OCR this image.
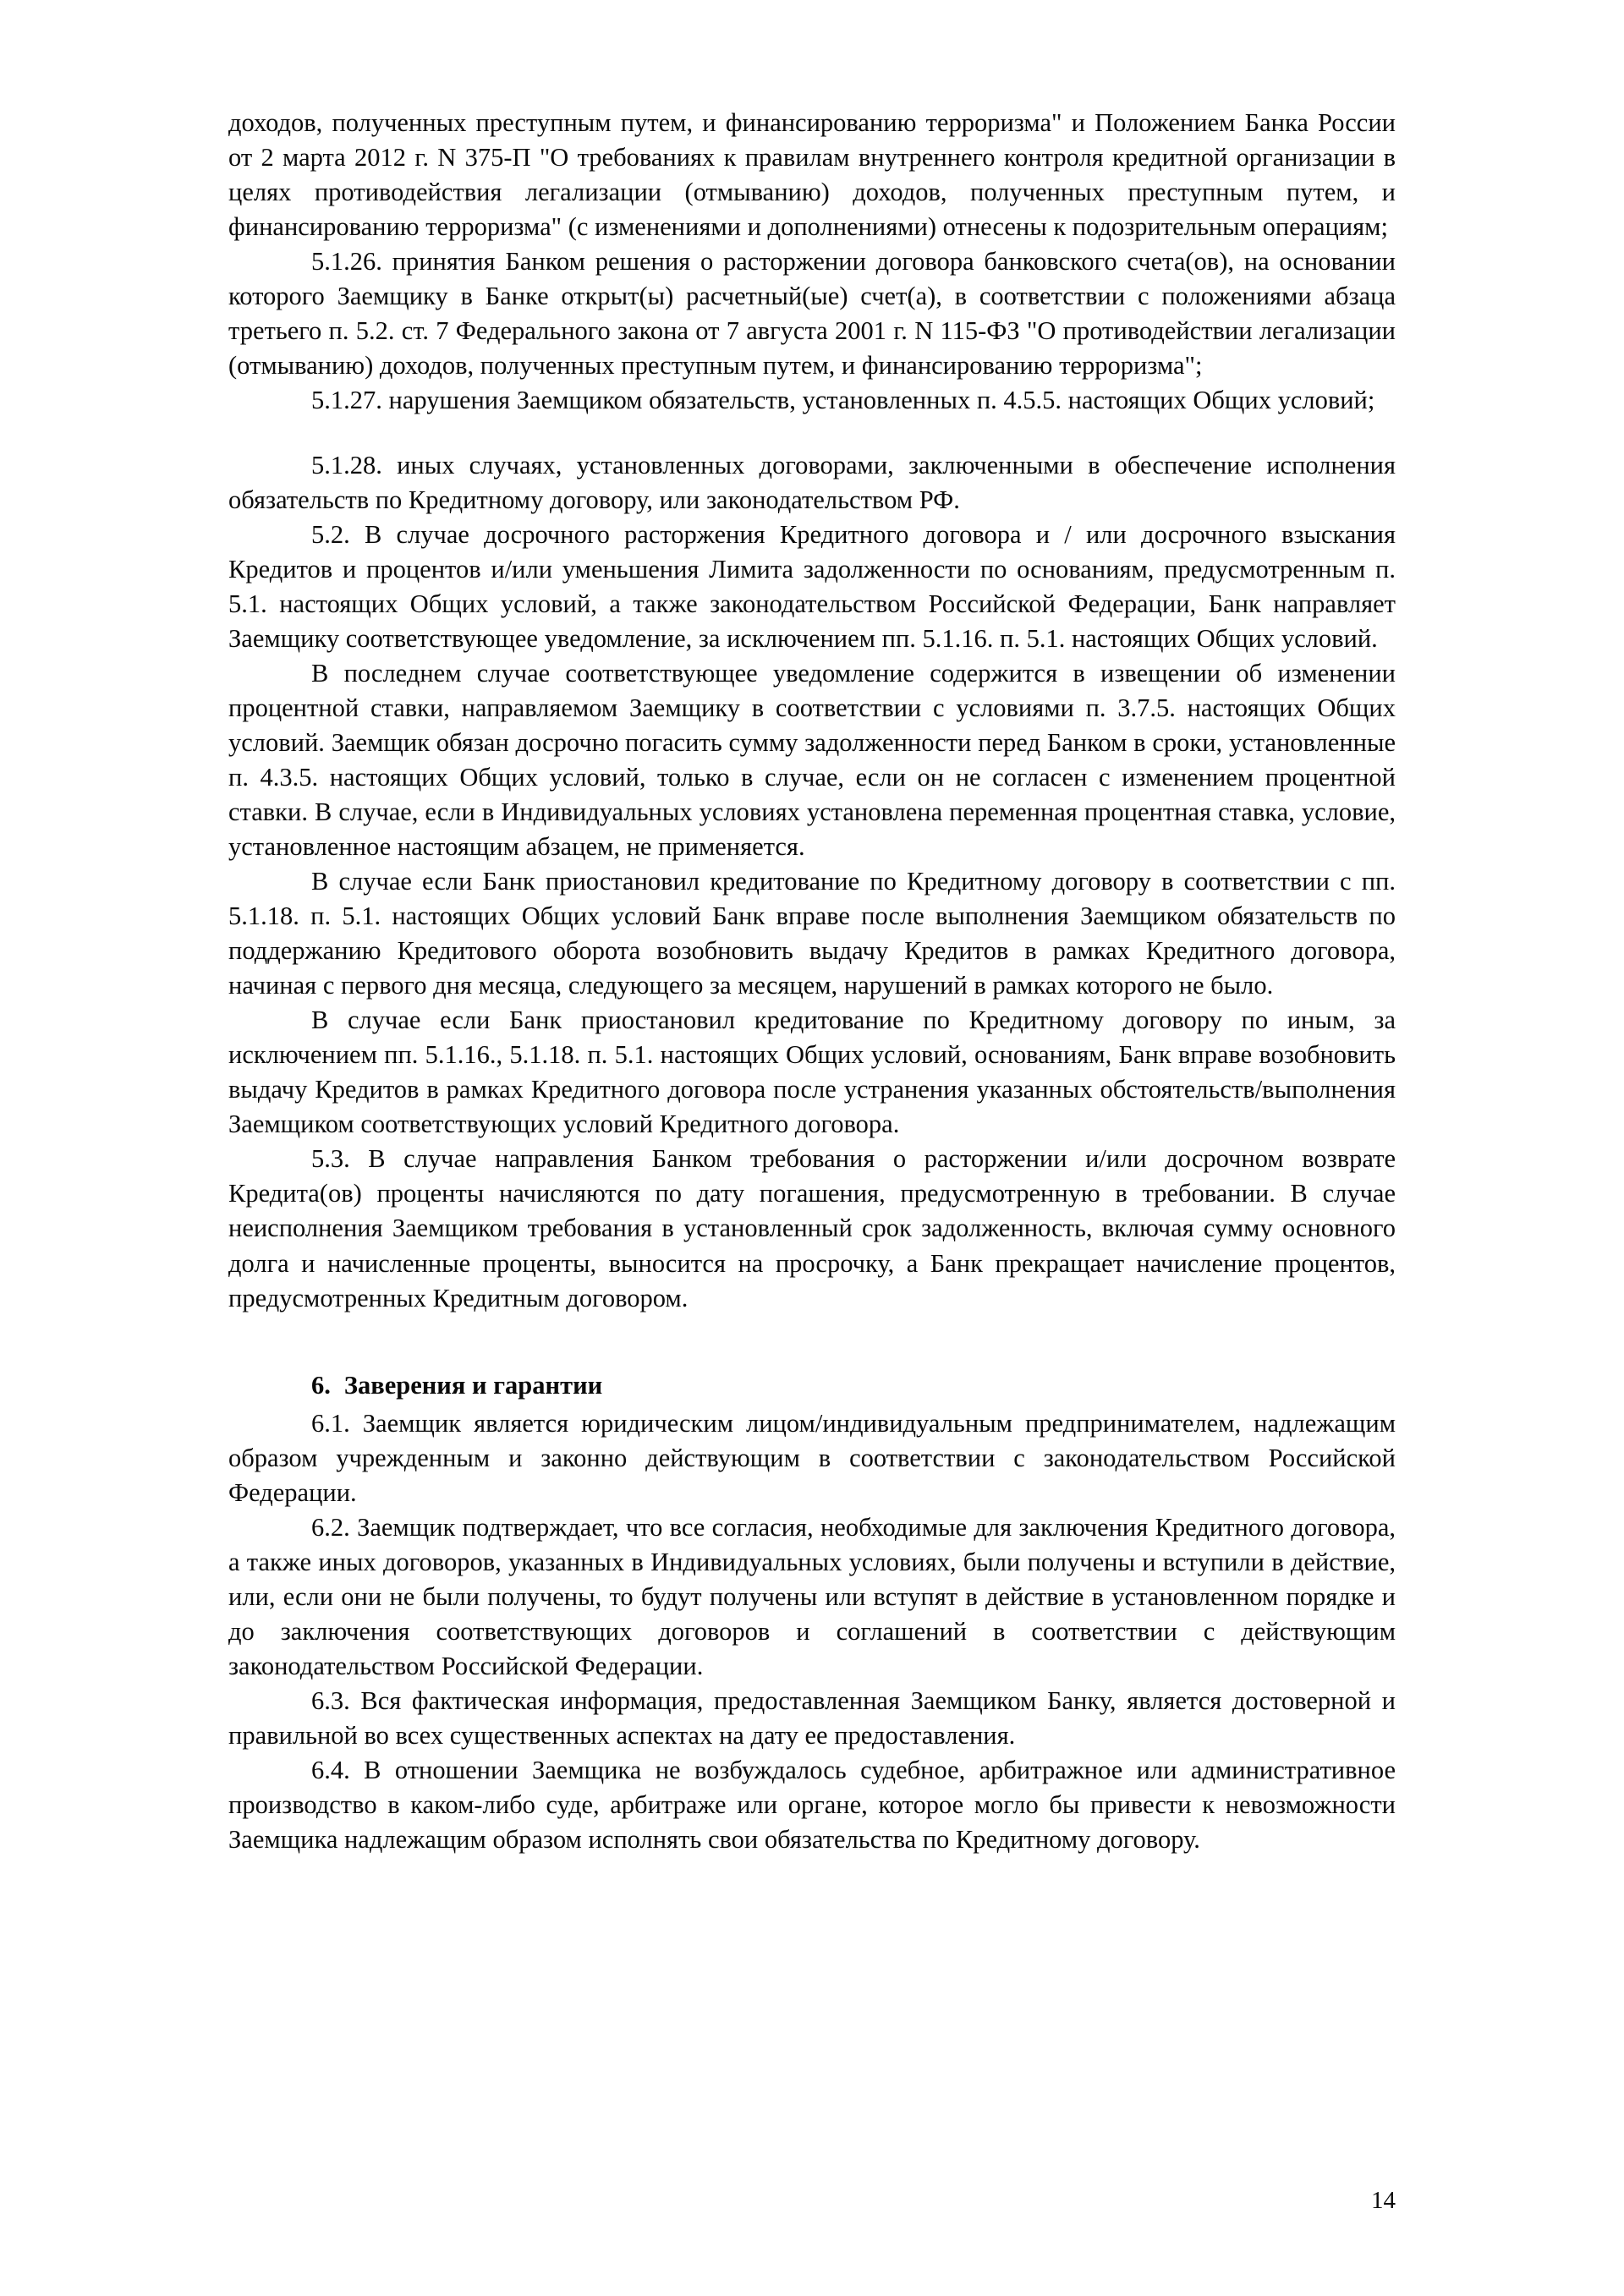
доходов, полученных преступным путем, и финансированию терроризма" и Положением Банка России от 2 марта 2012 г. N 375-П "О требованиях к правилам внутреннего контроля кредитной организации в целях противодействия легализации (отмыванию) доходов, полученных преступным путем, и финансированию терроризма" (с изменениями и дополнениями) отнесены к подозрительным операциям;

5.1.26. принятия Банком решения о расторжении договора банковского счета(ов), на основании которого Заемщику в Банке открыт(ы) расчетный(ые) счет(а), в соответствии с положениями абзаца третьего п. 5.2. ст. 7 Федерального закона от 7 августа 2001 г. N 115-ФЗ "О противодействии легализации (отмыванию) доходов, полученных преступным путем, и финансированию терроризма";

5.1.27. нарушения Заемщиком обязательств, установленных п. 4.5.5. настоящих Общих условий;

5.1.28. иных случаях, установленных договорами, заключенными в обеспечение исполнения обязательств по Кредитному договору, или законодательством РФ.

5.2. В случае досрочного расторжения Кредитного договора и / или досрочного взыскания Кредитов и процентов и/или уменьшения Лимита задолженности по основаниям, предусмотренным п. 5.1. настоящих Общих условий, а также законодательством Российской Федерации, Банк направляет Заемщику соответствующее уведомление, за исключением пп. 5.1.16. п. 5.1. настоящих Общих условий.

В последнем случае соответствующее уведомление содержится в извещении об изменении процентной ставки, направляемом Заемщику в соответствии с условиями п. 3.7.5. настоящих Общих условий. Заемщик обязан досрочно погасить сумму задолженности перед Банком в сроки, установленные п. 4.3.5. настоящих Общих условий, только в случае, если он не согласен с изменением процентной ставки. В случае, если в Индивидуальных условиях установлена переменная процентная ставка, условие, установленное настоящим абзацем, не применяется.

В случае если Банк приостановил кредитование по Кредитному договору в соответствии с пп. 5.1.18. п. 5.1. настоящих Общих условий Банк вправе после выполнения Заемщиком обязательств по поддержанию Кредитового оборота возобновить выдачу Кредитов в рамках Кредитного договора, начиная с первого дня месяца, следующего за месяцем, нарушений в рамках которого не было.

В случае если Банк приостановил кредитование по Кредитному договору по иным, за исключением пп. 5.1.16., 5.1.18. п. 5.1. настоящих Общих условий, основаниям, Банк вправе возобновить выдачу Кредитов в рамках Кредитного договора после устранения указанных обстоятельств/выполнения Заемщиком соответствующих условий Кредитного договора.

5.3. В случае направления Банком требования о расторжении и/или досрочном возврате Кредита(ов) проценты начисляются по дату погашения, предусмотренную в требовании. В случае неисполнения Заемщиком требования в установленный срок задолженность, включая сумму основного долга и начисленные проценты, выносится на просрочку, а Банк прекращает начисление процентов, предусмотренных Кредитным договором.

6. Заверения и гарантии

6.1. Заемщик является юридическим лицом/индивидуальным предпринимателем, надлежащим образом учрежденным и законно действующим в соответствии с законодательством Российской Федерации.

6.2. Заемщик подтверждает, что все согласия, необходимые для заключения Кредитного договора, а также иных договоров, указанных в Индивидуальных условиях, были получены и вступили в действие, или, если они не были получены, то будут получены или вступят в действие в установленном порядке и до заключения соответствующих договоров и соглашений в соответствии с действующим законодательством Российской Федерации.

6.3. Вся фактическая информация, предоставленная Заемщиком Банку, является достоверной и правильной во всех существенных аспектах на дату ее предоставления.

6.4. В отношении Заемщика не возбуждалось судебное, арбитражное или административное производство в каком-либо суде, арбитраже или органе, которое могло бы привести к невозможности Заемщика надлежащим образом исполнять свои обязательства по Кредитному договору.

14
